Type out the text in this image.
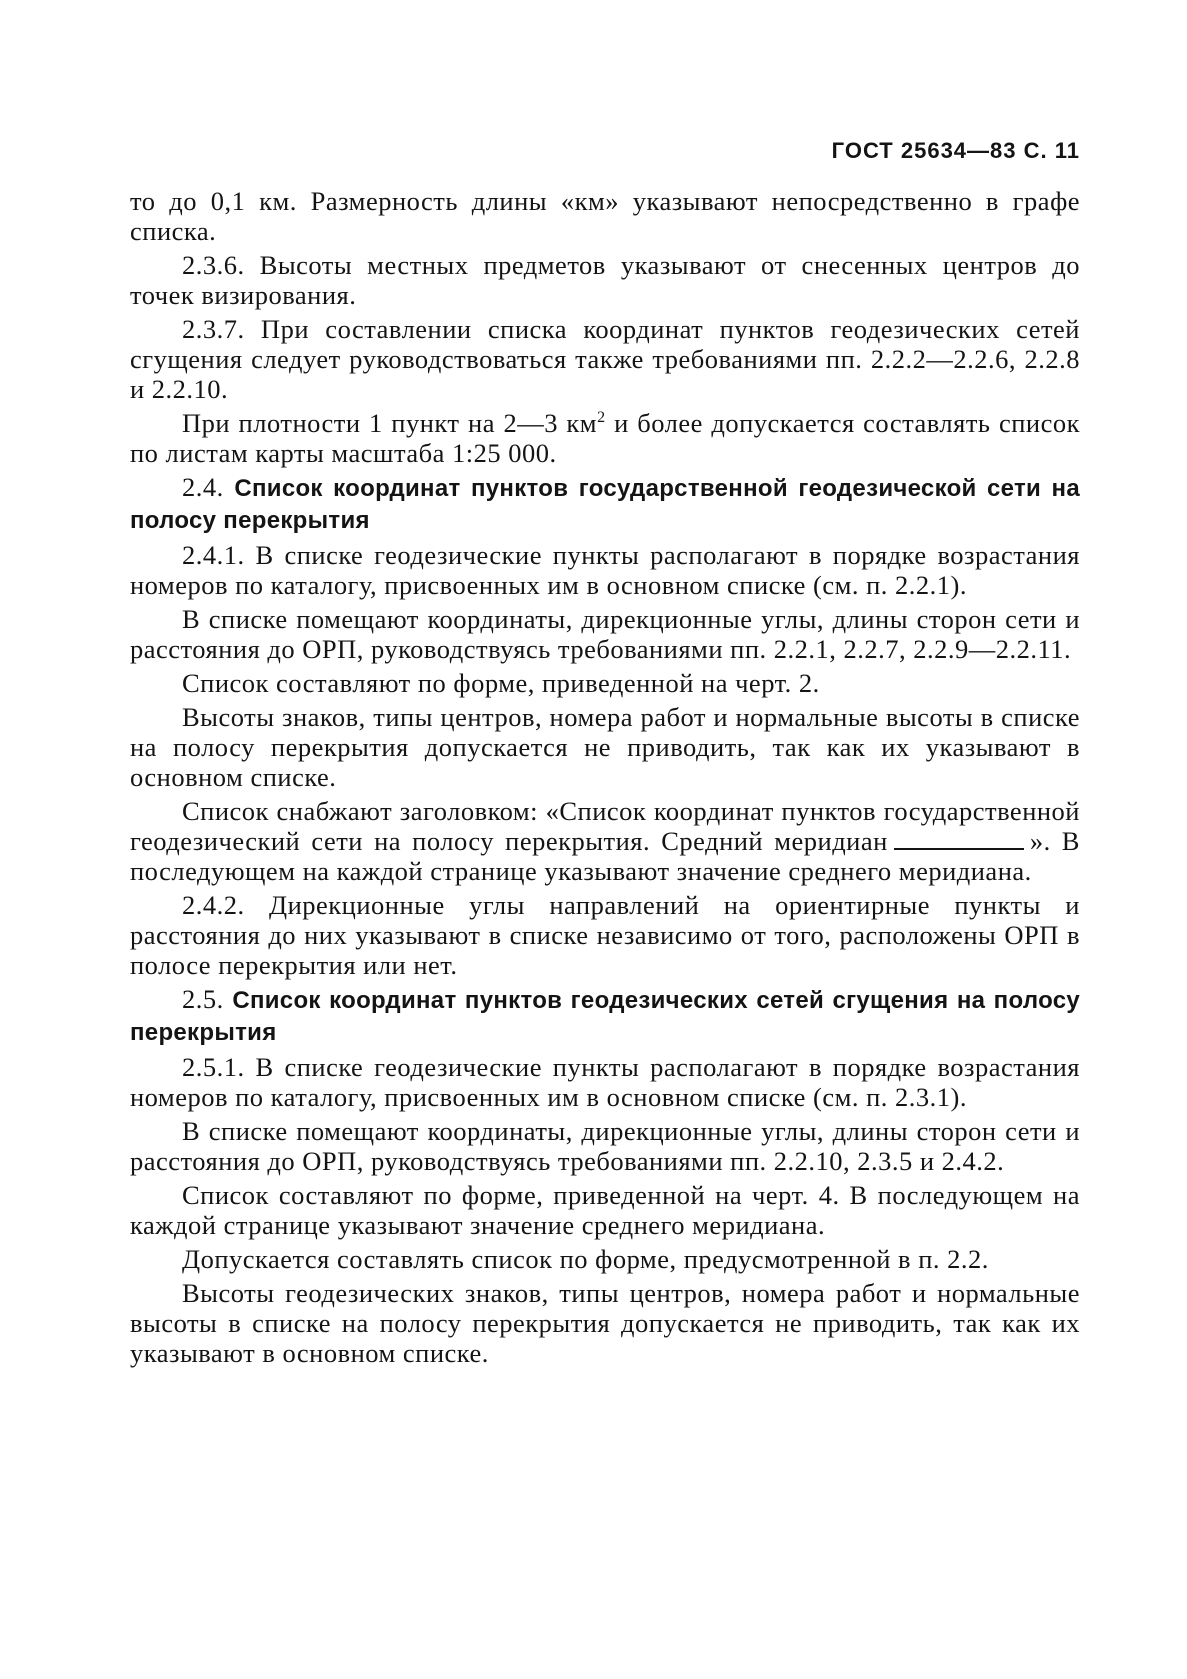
ГОСТ 25634—83 С. 11

то до 0,1 км. Размерность длины «км» указывают непосредственно в графе списка.

2.3.6. Высоты местных предметов указывают от снесенных центров до точек визирования.

2.3.7. При составлении списка координат пунктов геодезических сетей сгущения следует руководствоваться также требованиями пп. 2.2.2—2.2.6, 2.2.8 и 2.2.10.

При плотности 1 пункт на 2—3 $км^2$ и более допускается составлять список по листам карты масштаба 1:25 000.

2.4. Список координат пунктов государственной геодезической сети на полосу перекрытия

2.4.1. В списке геодезические пункты располагают в порядке возрастания номеров по каталогу, присвоенных им в основном списке (см. п. 2.2.1).

В списке помещают координаты, дирекционные углы, длины сторон сети и расстояния до ОРП, руководствуясь требованиями пп. 2.2.1, 2.2.7, 2.2.9—2.2.11.

Список составляют по форме, приведенной на черт. 2.

Высоты знаков, типы центров, номера работ и нормальные высоты в списке на полосу перекрытия допускается не приводить, так как их указывают в основном списке.

Список снабжают заголовком: «Список координат пунктов государственной геодезический сети на полосу перекрытия. Средний меридиан	». В последующем на каждой странице указывают значение среднего меридиана.

2.4.2. Дирекционные углы направлений на ориентирные пункты и расстояния до них указывают в списке независимо от того, расположены ОРП в полосе перекрытия или нет.

2.5. Список координат пунктов геодезических сетей сгущения на полосу перекрытия

2.5.1. В списке геодезические пункты располагают в порядке возрастания номеров по каталогу, присвоенных им в основном списке (см. п. 2.3.1).

В списке помещают координаты, дирекционные углы, длины сторон сети и расстояния до ОРП, руководствуясь требованиями пп. 2.2.10, 2.3.5 и 2.4.2.

Список составляют по форме, приведенной на черт. 4. В последующем на каждой странице указывают значение среднего меридиана.

Допускается составлять список по форме, предусмотренной в п. 2.2.

Высоты геодезических знаков, типы центров, номера работ и нормальные высоты в списке на полосу перекрытия допускается не приводить, так как их указывают в основном списке.
